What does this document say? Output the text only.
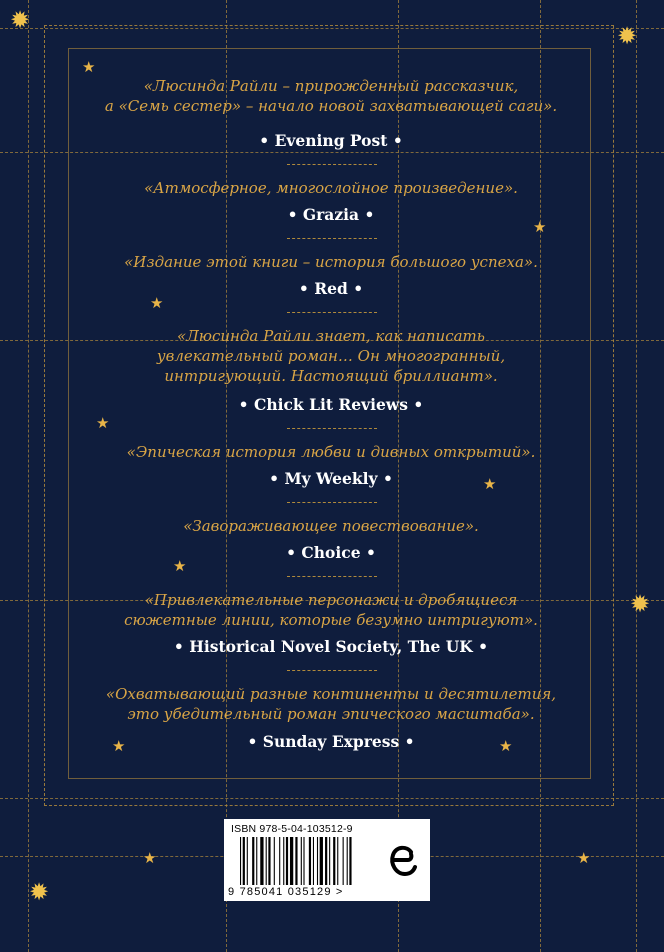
★
★
★
★
★
★
★	★
★	★
✹
✹
✹
✹

«Люсинда Райли – прирожденный рассказчик,
а «Семь сестер» – начало новой захватывающей саги».

• Evening Post •

«Атмосферное, многослойное произведение».

• Grazia •

«Издание этой книги – история большого успеха».

• Red •

«Люсинда Райли знает, как написать
увлекательный роман… Он многогранный,
интригующий. Настоящий бриллиант».

• Chick Lit Reviews •

«Эпическая история любви и дивных открытий».

• My Weekly •

«Завораживающее повествование».

• Choice •

«Привлекательные персонажи и дробящиеся
сюжетные линии, которые безумно интригуют».

• Historical Novel Society, The UK •

«Охватывающий разные континенты и десятилетия,
это убедительный роман эпического масштаба».

• Sunday Express •

ISBN 978-5-04-103512-9
9 785041 035129 >
